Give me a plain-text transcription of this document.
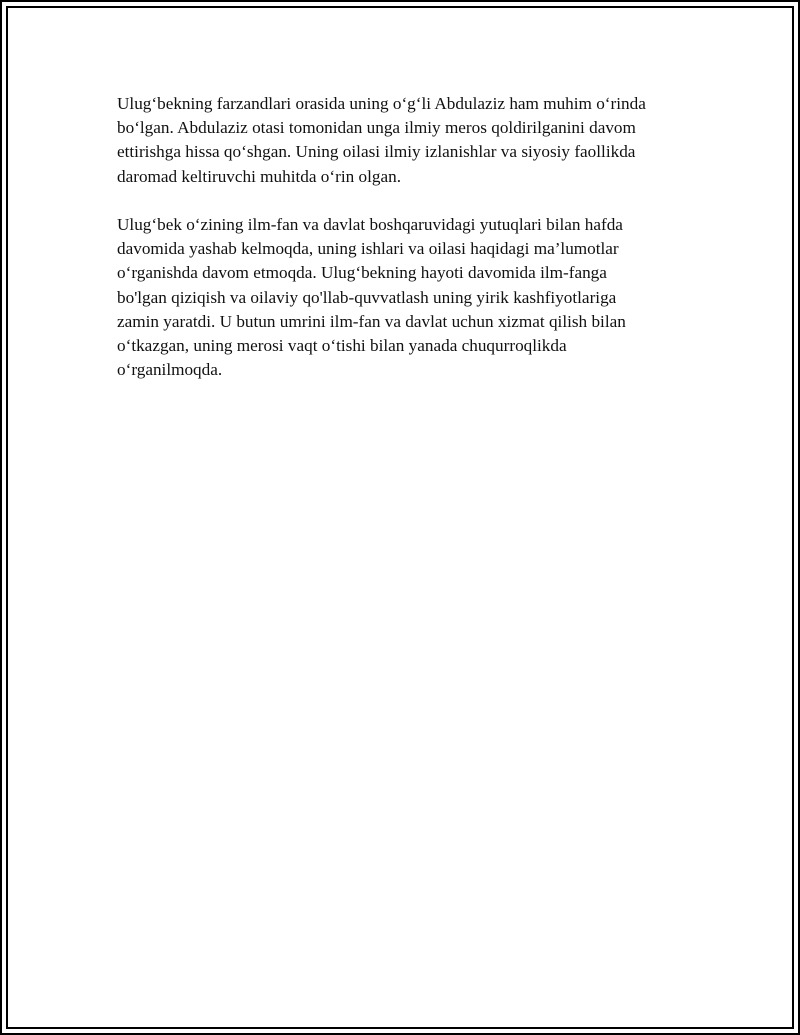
Ulug‘bekning farzandlari orasida uning o‘g‘li Abdulaziz ham muhim o‘rinda
bo‘lgan. Abdulaziz otasi tomonidan unga ilmiy meros qoldirilganini davom
ettirishga hissa qo‘shgan. Uning oilasi ilmiy izlanishlar va siyosiy faollikda
daromad keltiruvchi muhitda o‘rin olgan.

Ulug‘bek o‘zining ilm-fan va davlat boshqaruvidagi yutuqlari bilan hafda
davomida yashab kelmoqda, uning ishlari va oilasi haqidagi ma’lumotlar
o‘rganishda davom etmoqda. Ulug‘bekning hayoti davomida ilm-fanga
bo'lgan qiziqish va oilaviy qo'llab-quvvatlash uning yirik kashfiyotlariga
zamin yaratdi. U butun umrini ilm-fan va davlat uchun xizmat qilish bilan
o‘tkazgan, uning merosi vaqt o‘tishi bilan yanada chuqurroqlikda
o‘rganilmoqda.
